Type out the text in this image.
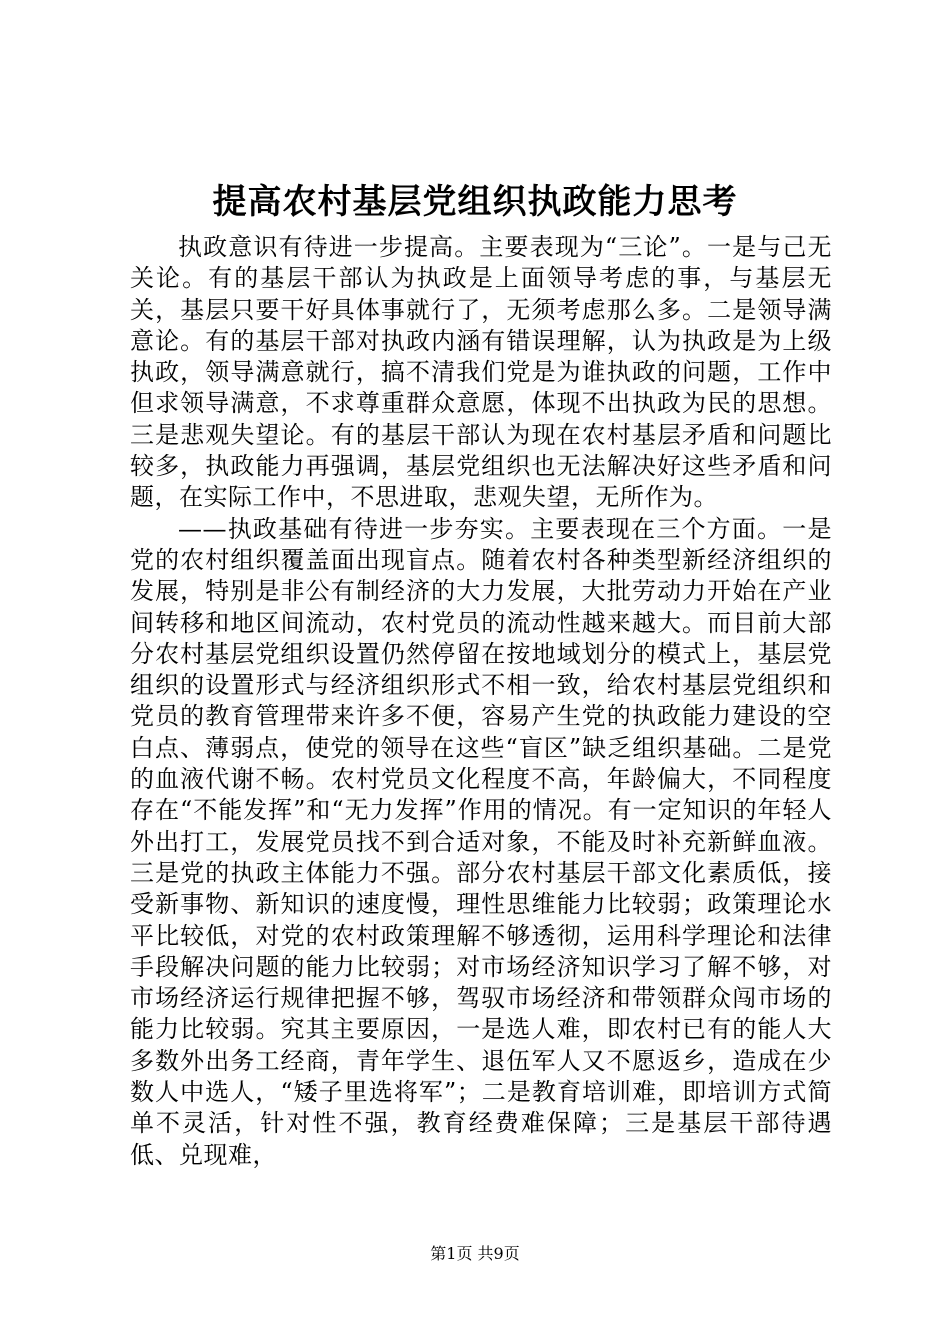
提高农村基层党组织执政能力思考

执政意识有待进一步提高。主要表现为“三论”。一是与己无关论。有的基层干部认为执政是上面领导考虑的事，与基层无关，基层只要干好具体事就行了，无须考虑那么多。二是领导满意论。有的基层干部对执政内涵有错误理解，认为执政是为上级执政，领导满意就行，搞不清我们党是为谁执政的问题，工作中但求领导满意，不求尊重群众意愿，体现不出执政为民的思想。三是悲观失望论。有的基层干部认为现在农村基层矛盾和问题比较多，执政能力再强调，基层党组织也无法解决好这些矛盾和问题，在实际工作中，不思进取，悲观失望，无所作为。

——执政基础有待进一步夯实。主要表现在三个方面。一是党的农村组织覆盖面出现盲点。随着农村各种类型新经济组织的发展，特别是非公有制经济的大力发展，大批劳动力开始在产业间转移和地区间流动，农村党员的流动性越来越大。而目前大部分农村基层党组织设置仍然停留在按地域划分的模式上，基层党组织的设置形式与经济组织形式不相一致，给农村基层党组织和党员的教育管理带来许多不便，容易产生党的执政能力建设的空白点、薄弱点，使党的领导在这些“盲区”缺乏组织基础。二是党的血液代谢不畅。农村党员文化程度不高，年龄偏大，不同程度存在“不能发挥”和“无力发挥”作用的情况。有一定知识的年轻人外出打工，发展党员找不到合适对象，不能及时补充新鲜血液。三是党的执政主体能力不强。部分农村基层干部文化素质低，接受新事物、新知识的速度慢，理性思维能力比较弱；政策理论水平比较低，对党的农村政策理解不够透彻，运用科学理论和法律手段解决问题的能力比较弱；对市场经济知识学习了解不够，对市场经济运行规律把握不够，驾驭市场经济和带领群众闯市场的能力比较弱。究其主要原因，一是选人难，即农村已有的能人大多数外出务工经商，青年学生、退伍军人又不愿返乡，造成在少数人中选人，“矮子里选将军”；二是教育培训难，即培训方式简单不灵活，针对性不强，教育经费难保障；三是基层干部待遇低、兑现难，

第1页 共9页
